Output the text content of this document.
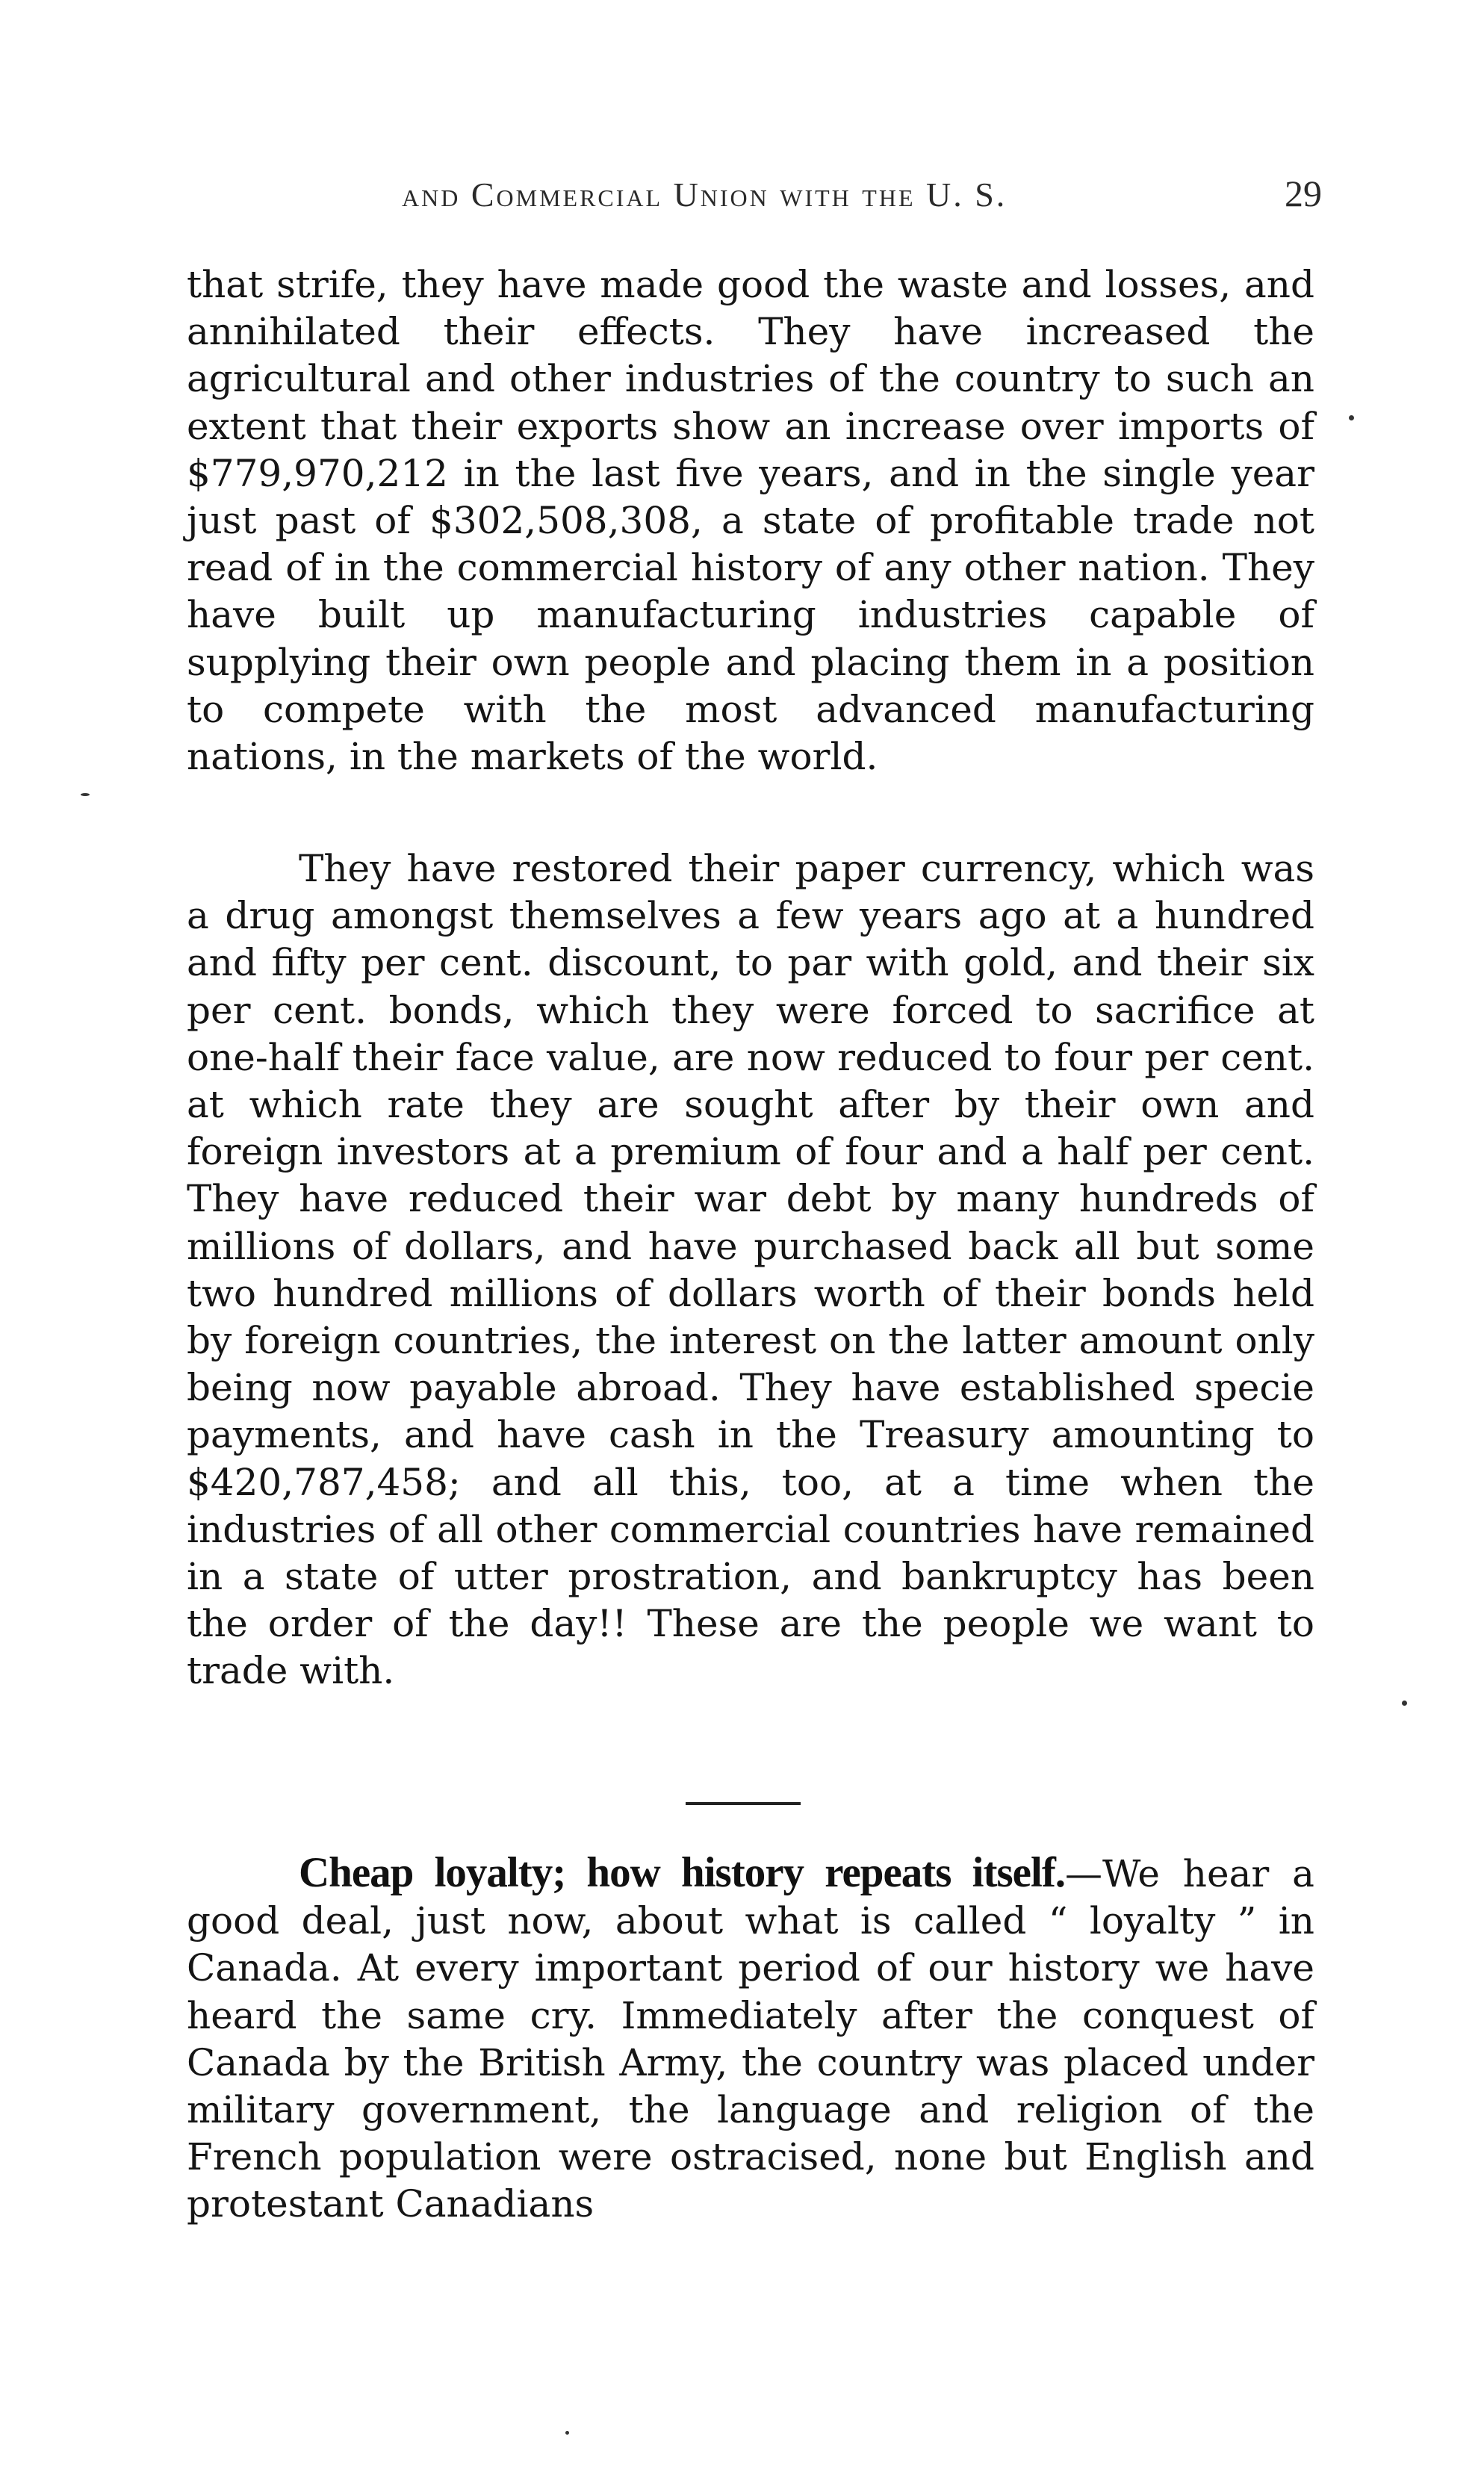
and Commercial Union with the U. S.	29

that strife, they have made good the waste and losses, and annihilated their effects. They have increased the agricultural and other industries of the country to such an extent that their exports show an increase over imports of $779,970,212 in the last five years, and in the single year just past of $302,508,308, a state of profitable trade not read of in the commercial history of any other nation. They have built up manufacturing industries capable of supplying their own people and placing them in a position to compete with the most advanced manufacturing nations, in the markets of the world.

They have restored their paper currency, which was a drug amongst themselves a few years ago at a hundred and fifty per cent. discount, to par with gold, and their six per cent. bonds, which they were forced to sacrifice at one-half their face value, are now reduced to four per cent. at which rate they are sought after by their own and foreign investors at a premium of four and a half per cent. They have reduced their war debt by many hundreds of millions of dollars, and have purchased back all but some two hundred millions of dollars worth of their bonds held by foreign countries, the interest on the latter amount only being now payable abroad. They have established specie payments, and have cash in the Treasury amounting to $420,787,458; and all this, too, at a time when the industries of all other commercial countries have remained in a state of utter prostration, and bankruptcy has been the order of the day!! These are the people we want to trade with.

Cheap loyalty; how history repeats itself.—We hear a good deal, just now, about what is called “ loyalty ” in Canada. At every important period of our history we have heard the same cry. Immediately after the conquest of Canada by the British Army, the country was placed under military government, the language and religion of the French population were ostracised, none but English and protestant Canadians
